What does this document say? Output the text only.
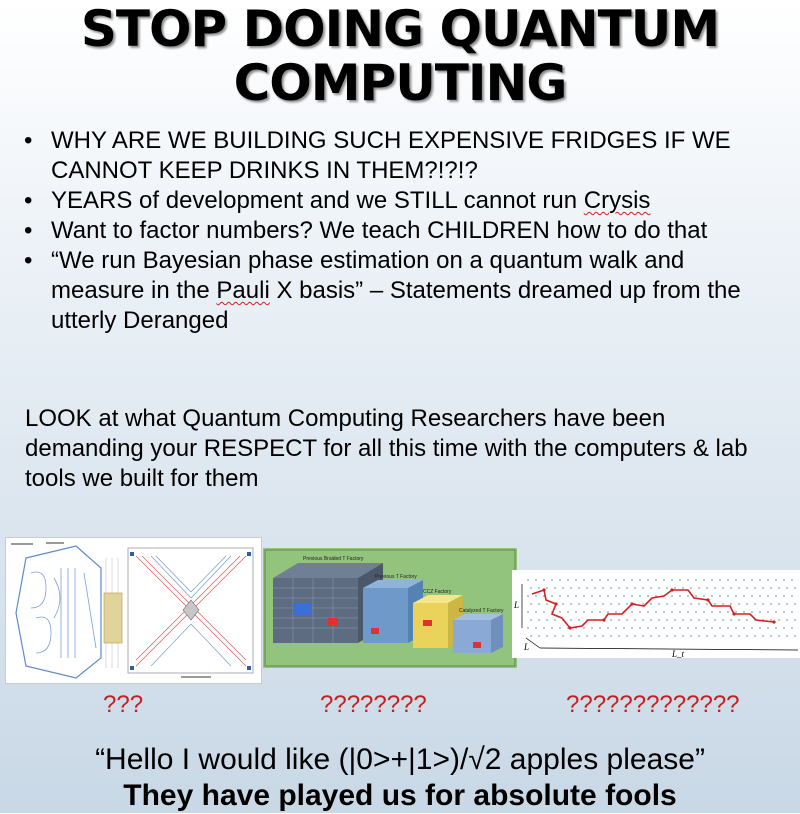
STOP DOING QUANTUM
COMPUTING
• WHY ARE WE BUILDING SUCH EXPENSIVE FRIDGES IF WE CANNOT KEEP DRINKS IN THEM?!?!?
• YEARS of development and we STILL cannot run Crysis
• Want to factor numbers? We teach CHILDREN how to do that
• “We run Bayesian phase estimation on a quantum walk and measure in the Pauli X basis” – Statements dreamed up from the utterly Deranged
LOOK at what Quantum Computing Researchers have been demanding your RESPECT for all this time with the computers & lab tools we built for them
Previous Braided T Factory
Previous T Factory
CCZ Factory
Catalyzed T Factory
L
L
L_t
???	????????	?????????????
“Hello I would like (|0>+|1>)/√2 apples please”
They have played us for absolute fools
